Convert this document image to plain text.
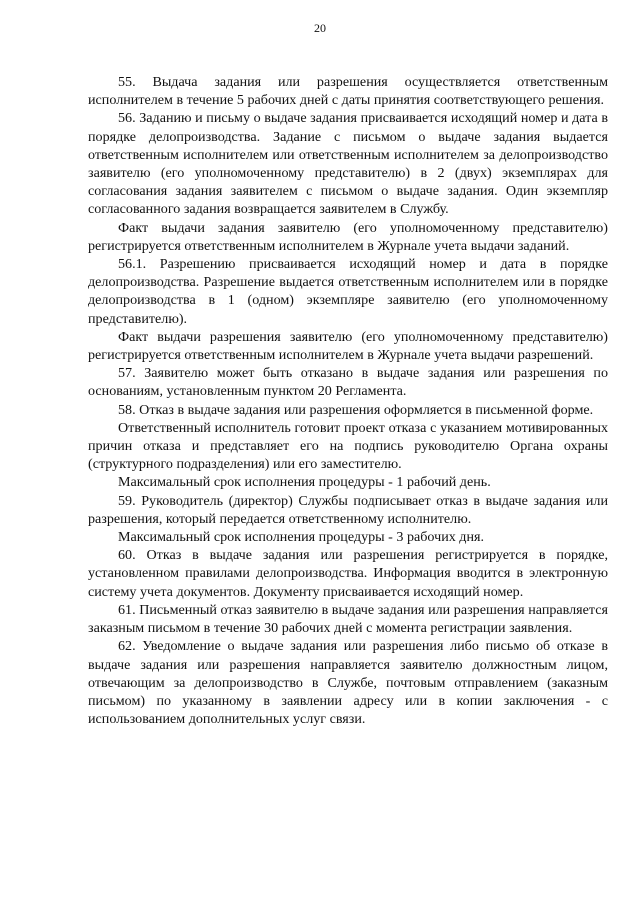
20

55. Выдача задания или разрешения осуществляется ответственным исполнителем в течение 5 рабочих дней с даты принятия соответствующего решения.

56. Заданию и письму о выдаче задания присваивается исходящий номер и дата в порядке делопроизводства. Задание с письмом о выдаче задания выдается ответственным исполнителем или ответственным исполнителем за делопроизводство заявителю (его уполномоченному представителю) в 2 (двух) экземплярах для согласования задания заявителем с письмом о выдаче задания. Один экземпляр согласованного задания возвращается заявителем в Службу.

Факт выдачи задания заявителю (его уполномоченному представителю) регистрируется ответственным исполнителем в Журнале учета выдачи заданий.

56.1. Разрешению присваивается исходящий номер и дата в порядке делопроизводства. Разрешение выдается ответственным исполнителем или в порядке делопроизводства в 1 (одном) экземпляре заявителю (его уполномоченному представителю).

Факт выдачи разрешения заявителю (его уполномоченному представителю) регистрируется ответственным исполнителем в Журнале учета выдачи разрешений.

57. Заявителю может быть отказано в выдаче задания или разрешения по основаниям, установленным пунктом 20 Регламента.

58. Отказ в выдаче задания или разрешения оформляется в письменной форме.

Ответственный исполнитель готовит проект отказа с указанием мотивированных причин отказа и представляет его на подпись руководителю Органа охраны (структурного подразделения) или его заместителю.

Максимальный срок исполнения процедуры - 1 рабочий день.

59. Руководитель (директор) Службы подписывает отказ в выдаче задания или разрешения, который передается ответственному исполнителю.

Максимальный срок исполнения процедуры - 3 рабочих дня.

60. Отказ в выдаче задания или разрешения регистрируется в порядке, установленном правилами делопроизводства. Информация вводится в электронную систему учета документов. Документу присваивается исходящий номер.

61. Письменный отказ заявителю в выдаче задания или разрешения направляется заказным письмом в течение 30 рабочих дней с момента регистрации заявления.

62. Уведомление о выдаче задания или разрешения либо письмо об отказе в выдаче задания или разрешения направляется заявителю должностным лицом, отвечающим за делопроизводство в Службе, почтовым отправлением (заказным письмом) по указанному в заявлении адресу или в копии заключения - с использованием дополнительных услуг связи.
